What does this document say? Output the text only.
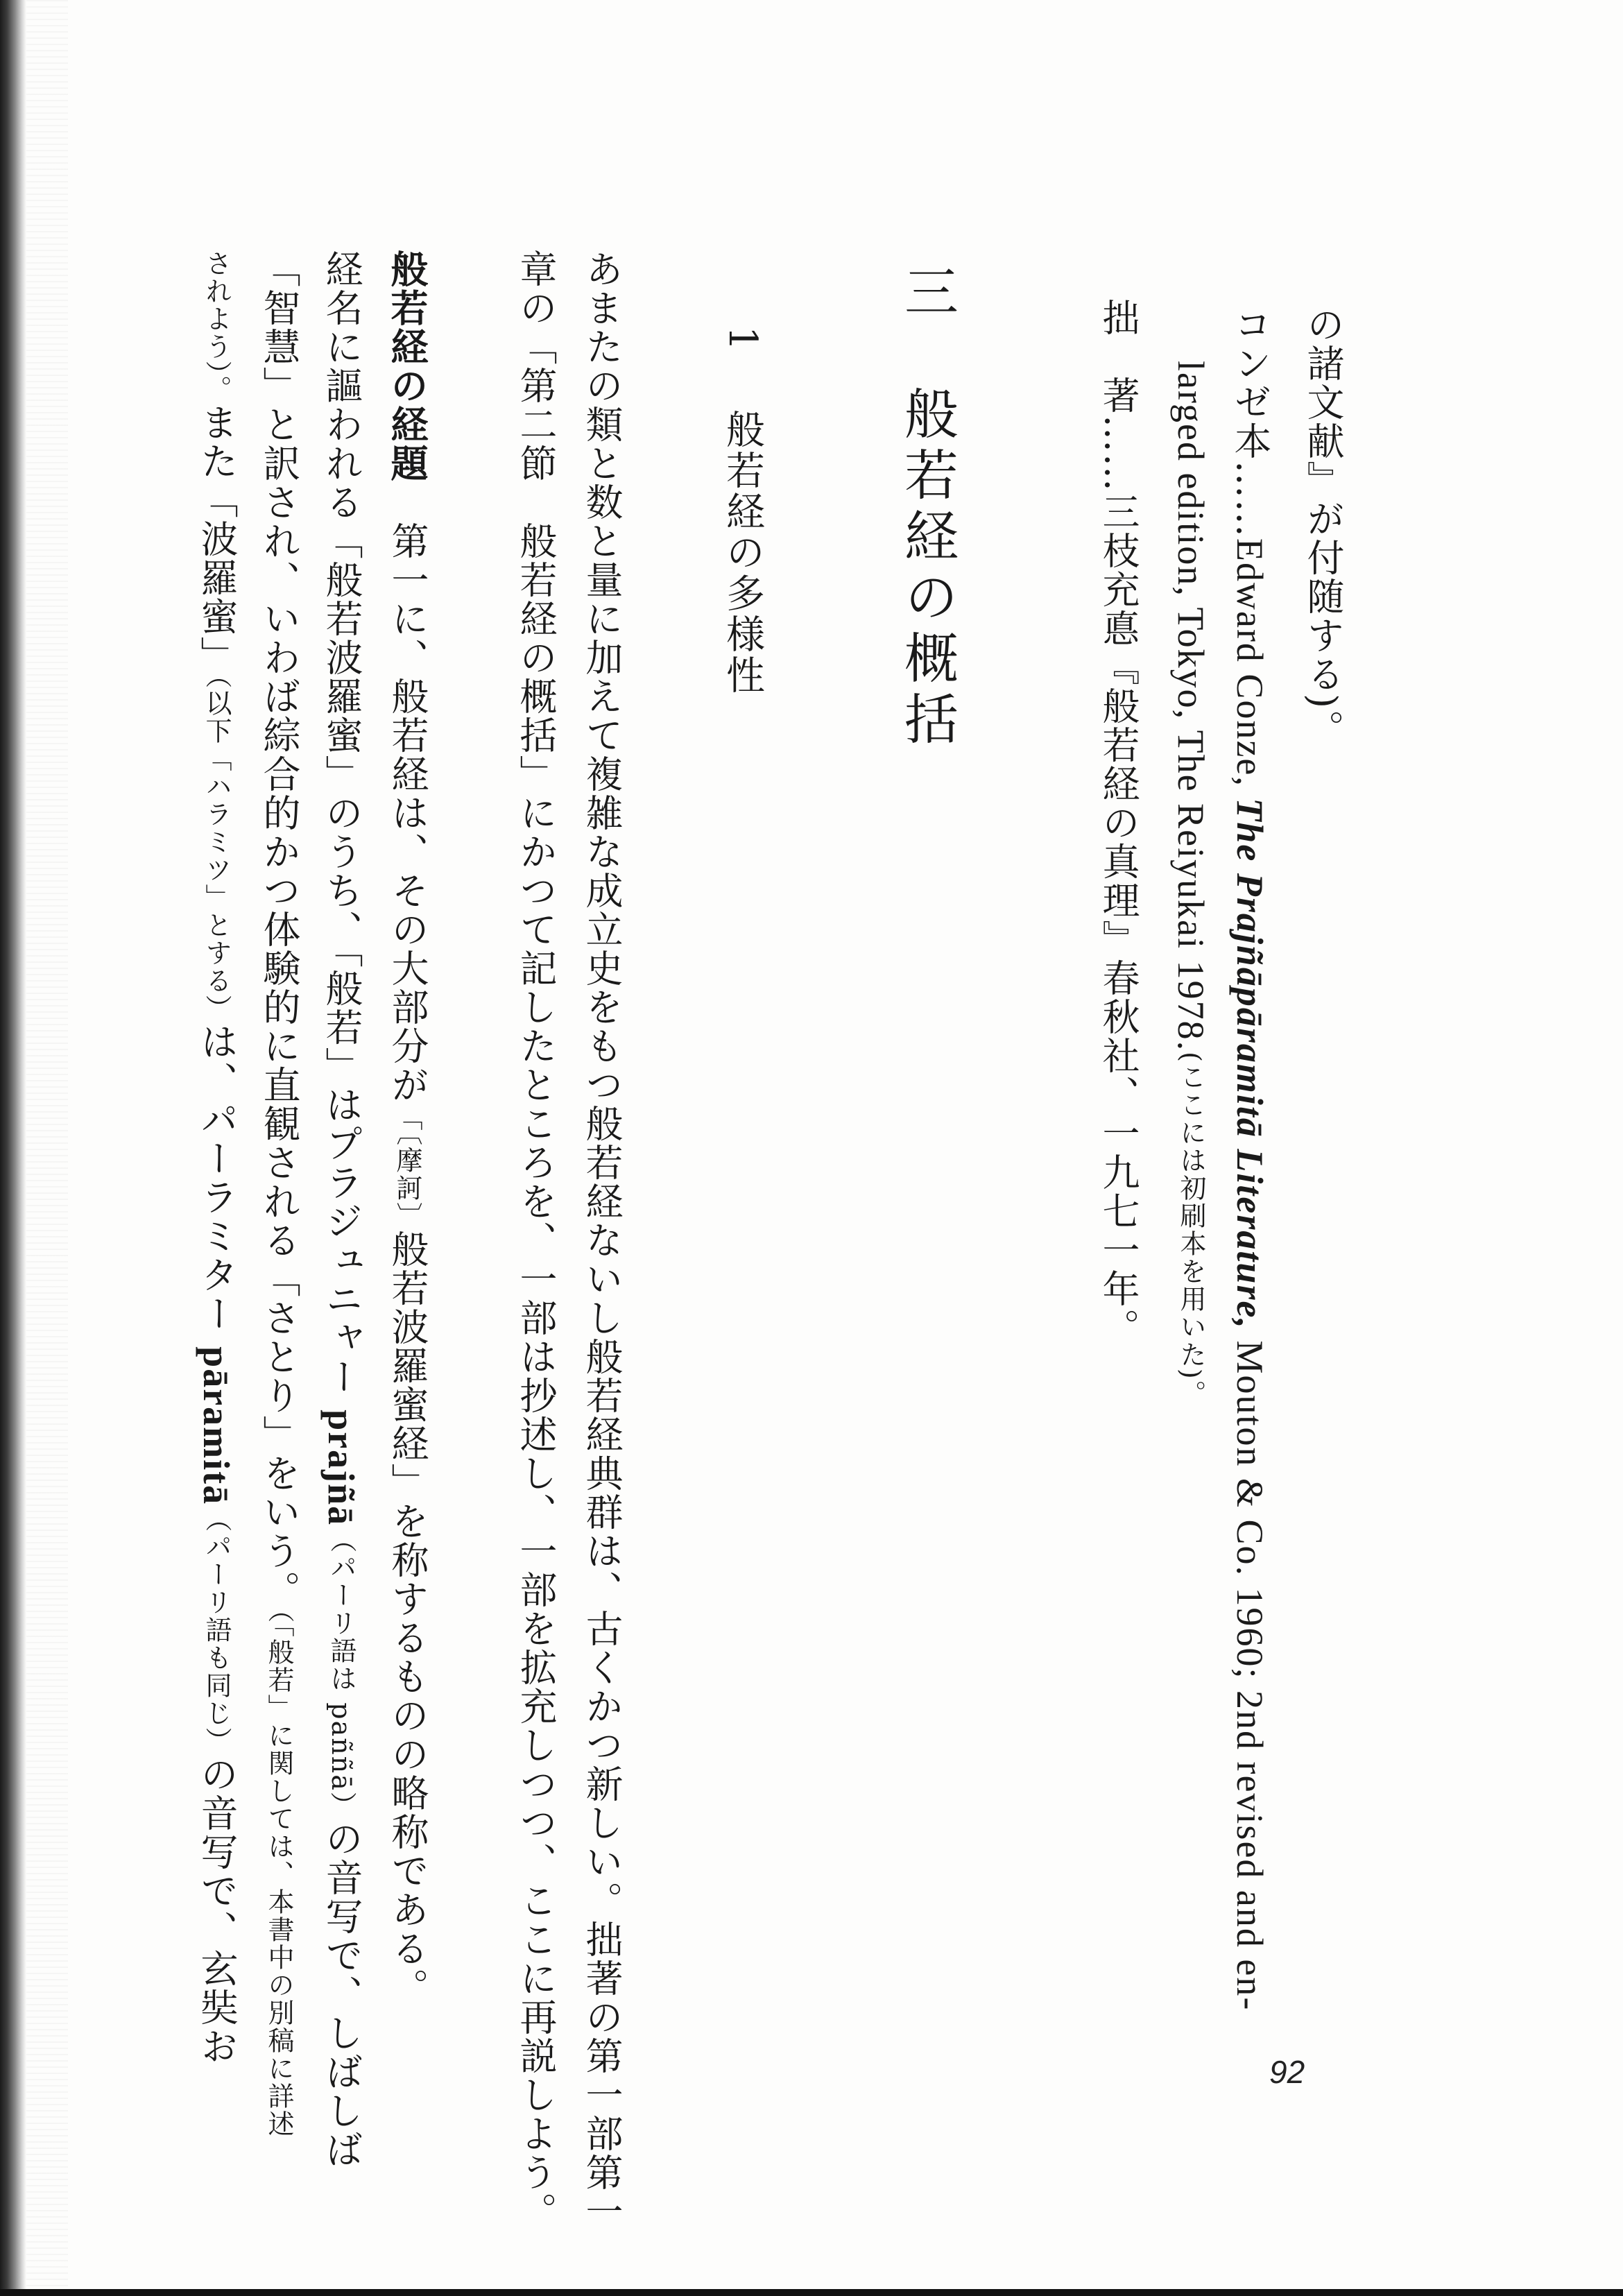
の諸文献』が付随する)。
コンゼ本……Edward Conze, The Prajñāpāramitā Literature, Mouton & Co. 1960; 2nd revised and en-
larged edition, Tokyo, The Reiyukai 1978.(ここには初刷本を用いた)。
拙　著……三枝充悳『般若経の真理』春秋社、一九七一年。
三　般若経の概括
1  般若経の多様性
あまたの類と数と量に加えて複雑な成立史をもつ般若経ないし般若経典群は、古くかつ新しい。拙著の第一部第一
章の「第二節　般若経の概括」にかつて記したところを、一部は抄述し、一部を拡充しつつ、ここに再説しよう。
般若経の経題　第一に、般若経は、その大部分が「〔摩訶〕般若波羅蜜経」を称するものの略称である。
経名に謳われる「般若波羅蜜」のうち、「般若」はプラジュニャー prajñā（パーリ語は paññā）の音写で、しばしば
「智慧」と訳され、いわば綜合的かつ体験的に直観される「さとり」をいう。（「般若」に関しては、本書中の別稿に詳述
されよう）。また「波羅蜜」（以下「ハラミツ」とする）は、パーラミター pāramitā（パーリ語も同じ）の音写で、玄奘お
92
